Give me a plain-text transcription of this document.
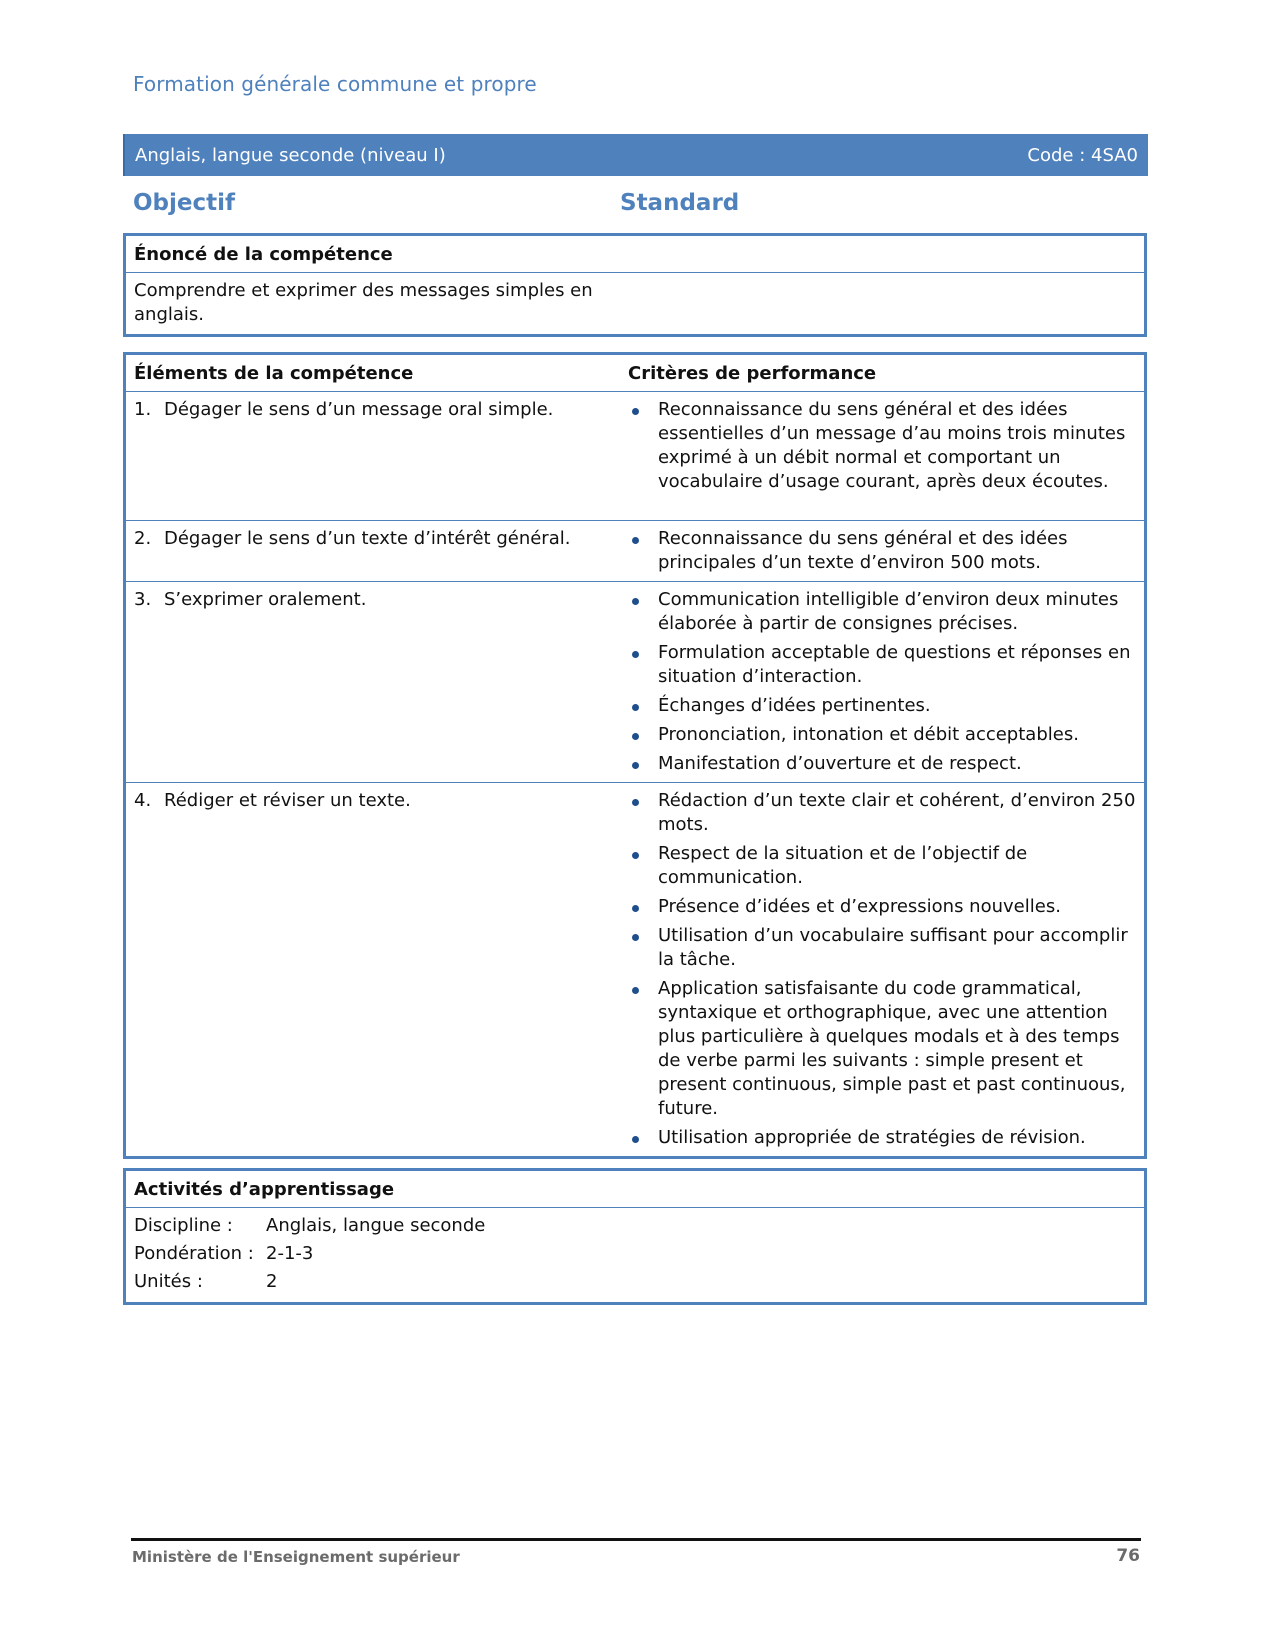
Formation générale commune et propre
Anglais, langue seconde (niveau I)	Code : 4SA0
Objectif	Standard
Énoncé de la compétence
Comprendre et exprimer des messages simples en anglais.
Éléments de la compétence	Critères de performance
1. Dégager le sens d’un message oral simple.	Reconnaissance du sens général et des idées essentielles d’un message d’au moins trois minutes exprimé à un débit normal et comportant un vocabulaire d’usage courant, après deux écoutes.
2. Dégager le sens d’un texte d’intérêt général.	Reconnaissance du sens général et des idées principales d’un texte d’environ 500 mots.
3. S’exprimer oralement.	Communication intelligible d’environ deux minutes élaborée à partir de consignes précises.
Formulation acceptable de questions et réponses en situation d’interaction.
Échanges d’idées pertinentes.
Prononciation, intonation et débit acceptables.
Manifestation d’ouverture et de respect.
4. Rédiger et réviser un texte.	Rédaction d’un texte clair et cohérent, d’environ 250 mots.
Respect de la situation et de l’objectif de communication.
Présence d’idées et d’expressions nouvelles.
Utilisation d’un vocabulaire suffisant pour accomplir la tâche.
Application satisfaisante du code grammatical, syntaxique et orthographique, avec une attention plus particulière à quelques modals et à des temps de verbe parmi les suivants : simple present et present continuous, simple past et past continuous, future.
Utilisation appropriée de stratégies de révision.
Activités d’apprentissage
Discipline :	Anglais, langue seconde
Pondération : 2-1-3
Unités :	2
Ministère de l'Enseignement supérieur	76
